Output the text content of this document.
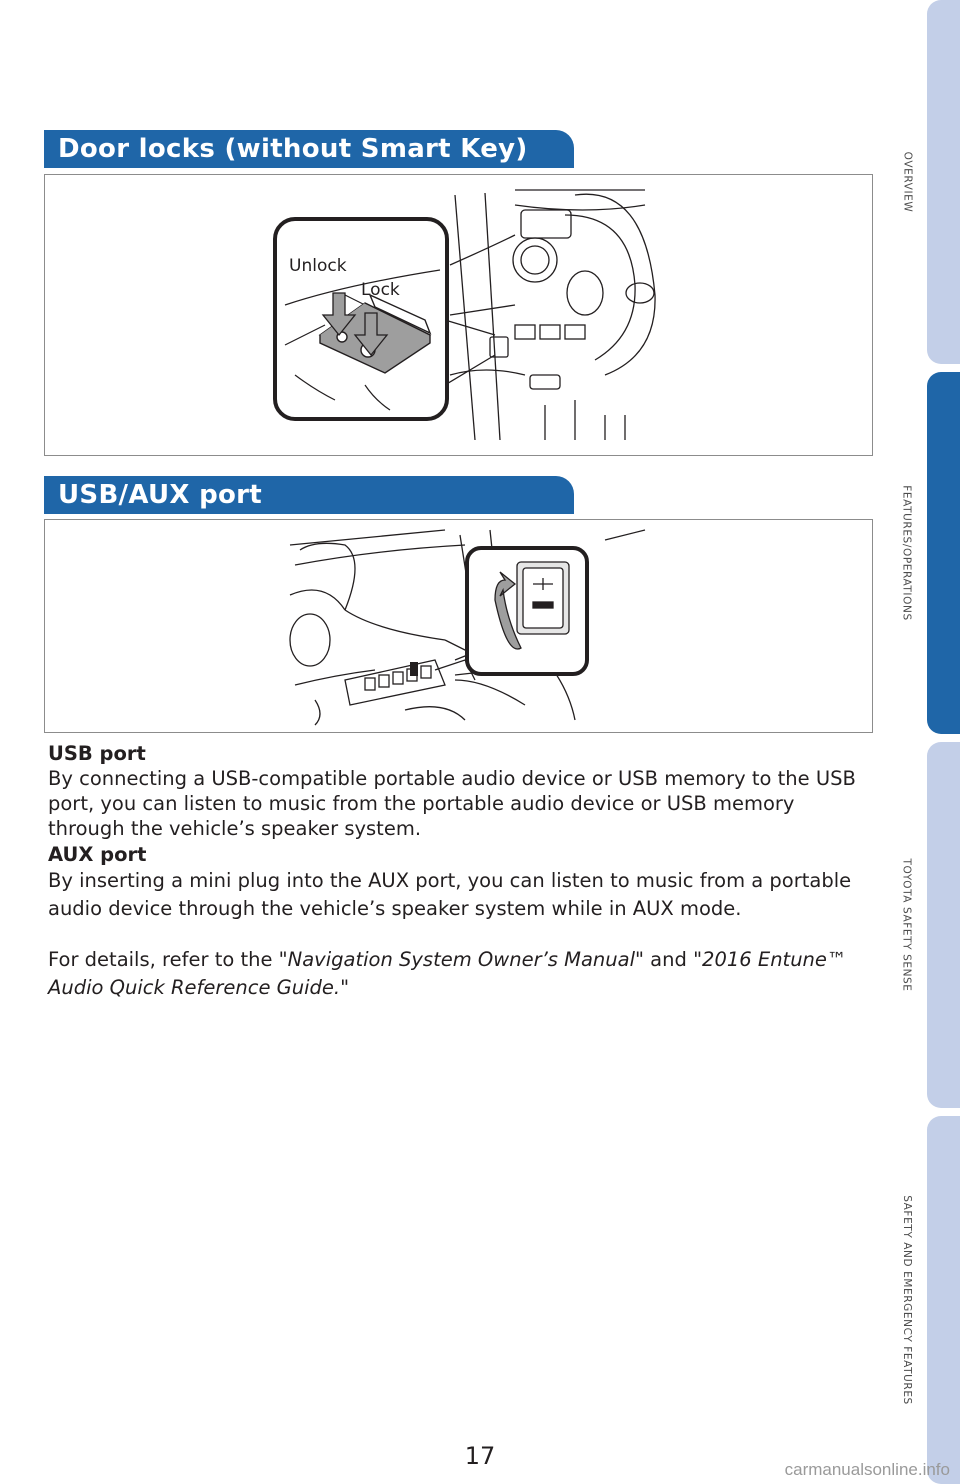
Door locks (without Smart Key)
Unlock
Lock
USB/AUX port

USB port

By connecting a USB-compatible portable audio device or USB memory to the USB port, you can listen to music from the portable audio device or USB memory through the vehicle’s speaker system.

AUX port

By inserting a mini plug into the AUX port, you can listen to music from a portable audio device through the vehicle’s speaker system while in AUX mode.

For details, refer to the "Navigation System Owner’s Manual" and "2016 Entune™ Audio Quick Reference Guide."
OVERVIEW
FEATURES/OPERATIONS
TOYOTA SAFETY SENSE
SAFETY AND EMERGENCY FEATURES
17	carmanualsonline.info
